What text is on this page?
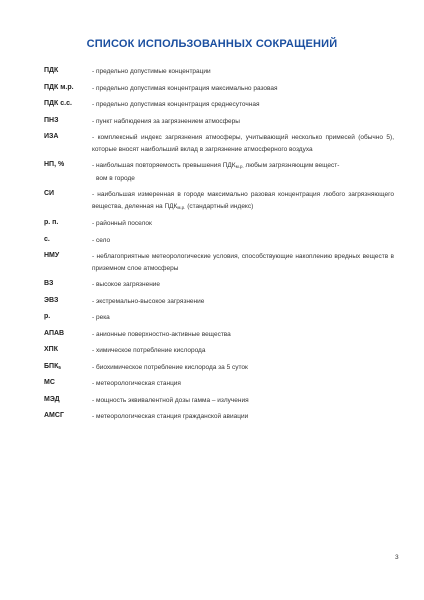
СПИСОК ИСПОЛЬЗОВАННЫХ СОКРАЩЕНИЙ
ПДК	- предельно допустимые концентрации
ПДК м.р.	- предельно допустимая концентрация максимально разовая
ПДК с.с.	- предельно допустимая концентрация среднесуточная
ПНЗ	- пункт наблюдения за загрязнением атмосферы
ИЗА	- комплексный индекс загрязнения атмосферы, учитывающий несколько примесей (обычно 5), которые вносят наибольший вклад в загрязнение атмосферного воздуха
НП, %	- наибольшая повторяемость превышения $ПДК_{м.р.}$ любым загрязняющим вещест-
вом в городе
СИ	- наибольшая измеренная в городе максимально разовая концентрация любого загрязняющего вещества, деленная на $ПДК_{м.р.}$ (стандартный индекс)
р. п.	- районный поселок
с.	- село
НМУ	- неблагоприятные метеорологические условия, способствующие накоплению вредных веществ в приземном слое атмосферы
ВЗ	- высокое загрязнение
ЭВЗ	- экстремально-высокое загрязнение
р.	- река
АПАВ	- анионные поверхностно-активные вещества
ХПК	- химическое потребление кислорода
$БПК_5$	- биохимическое потребление кислорода за 5 суток
МС	- метеорологическая станция
МЭД	- мощность эквивалентной дозы гамма – излучения
АМСГ	- метеорологическая станция гражданской авиации
3
